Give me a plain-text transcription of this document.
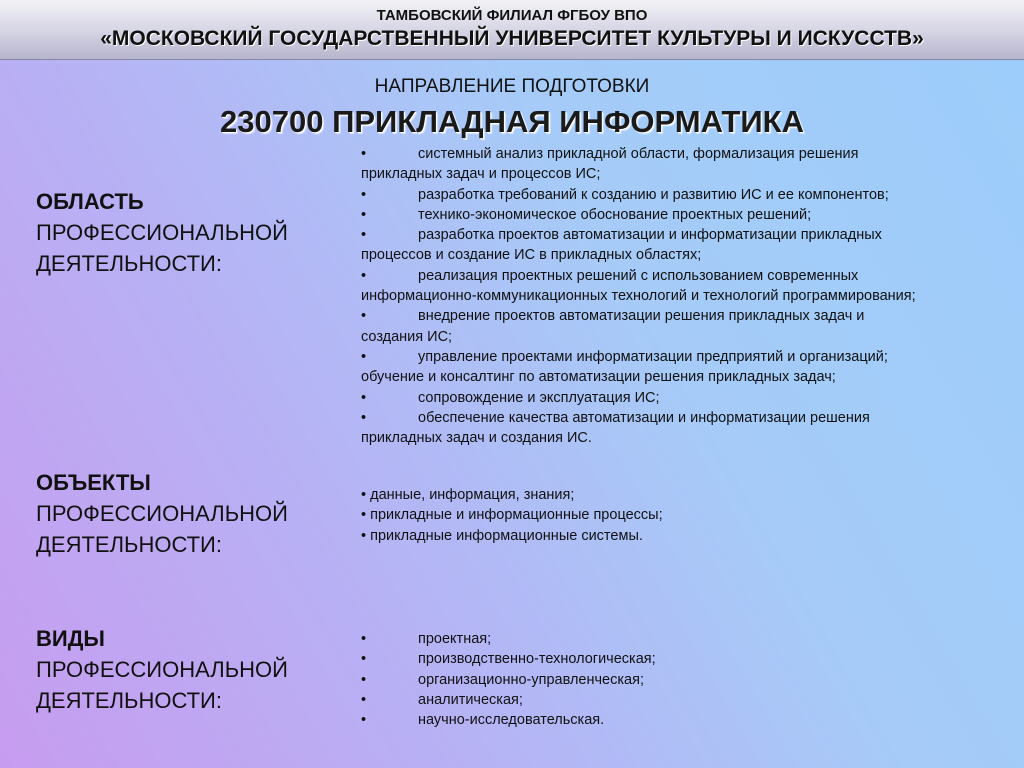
ТАМБОВСКИЙ ФИЛИАЛ ФГБОУ ВПО
«МОСКОВСКИЙ ГОСУДАРСТВЕННЫЙ УНИВЕРСИТЕТ КУЛЬТУРЫ И ИСКУССТВ»
НАПРАВЛЕНИЕ ПОДГОТОВКИ
230700 ПРИКЛАДНАЯ ИНФОРМАТИКА
ОБЛАСТЬ
ПРОФЕССИОНАЛЬНОЙ
ДЕЯТЕЛЬНОСТИ:
•	системный анализ прикладной области, формализация решения
прикладных задач и процессов ИС;
•	разработка требований к созданию и развитию ИС и ее компонентов;
•	технико-экономическое обоснование проектных решений;
•	разработка проектов автоматизации и информатизации прикладных
процессов и создание ИС в прикладных областях;
•	реализация проектных решений с использованием современных
информационно-коммуникационных технологий и технологий программирования;
•	внедрение проектов автоматизации решения прикладных задач и
создания ИС;
•	управление проектами информатизации предприятий и организаций;
обучение и консалтинг по автоматизации решения прикладных задач;
•	сопровождение и эксплуатация ИС;
•	обеспечение качества автоматизации и информатизации решения
прикладных задач и создания ИС.
ОБЪЕКТЫ
ПРОФЕССИОНАЛЬНОЙ
ДЕЯТЕЛЬНОСТИ:
• данные, информация, знания;
• прикладные и информационные процессы;
• прикладные информационные системы.
ВИДЫ
ПРОФЕССИОНАЛЬНОЙ
ДЕЯТЕЛЬНОСТИ:
•	проектная;
•	производственно-технологическая;
•	организационно-управленческая;
•	аналитическая;
•	научно-исследовательская.
